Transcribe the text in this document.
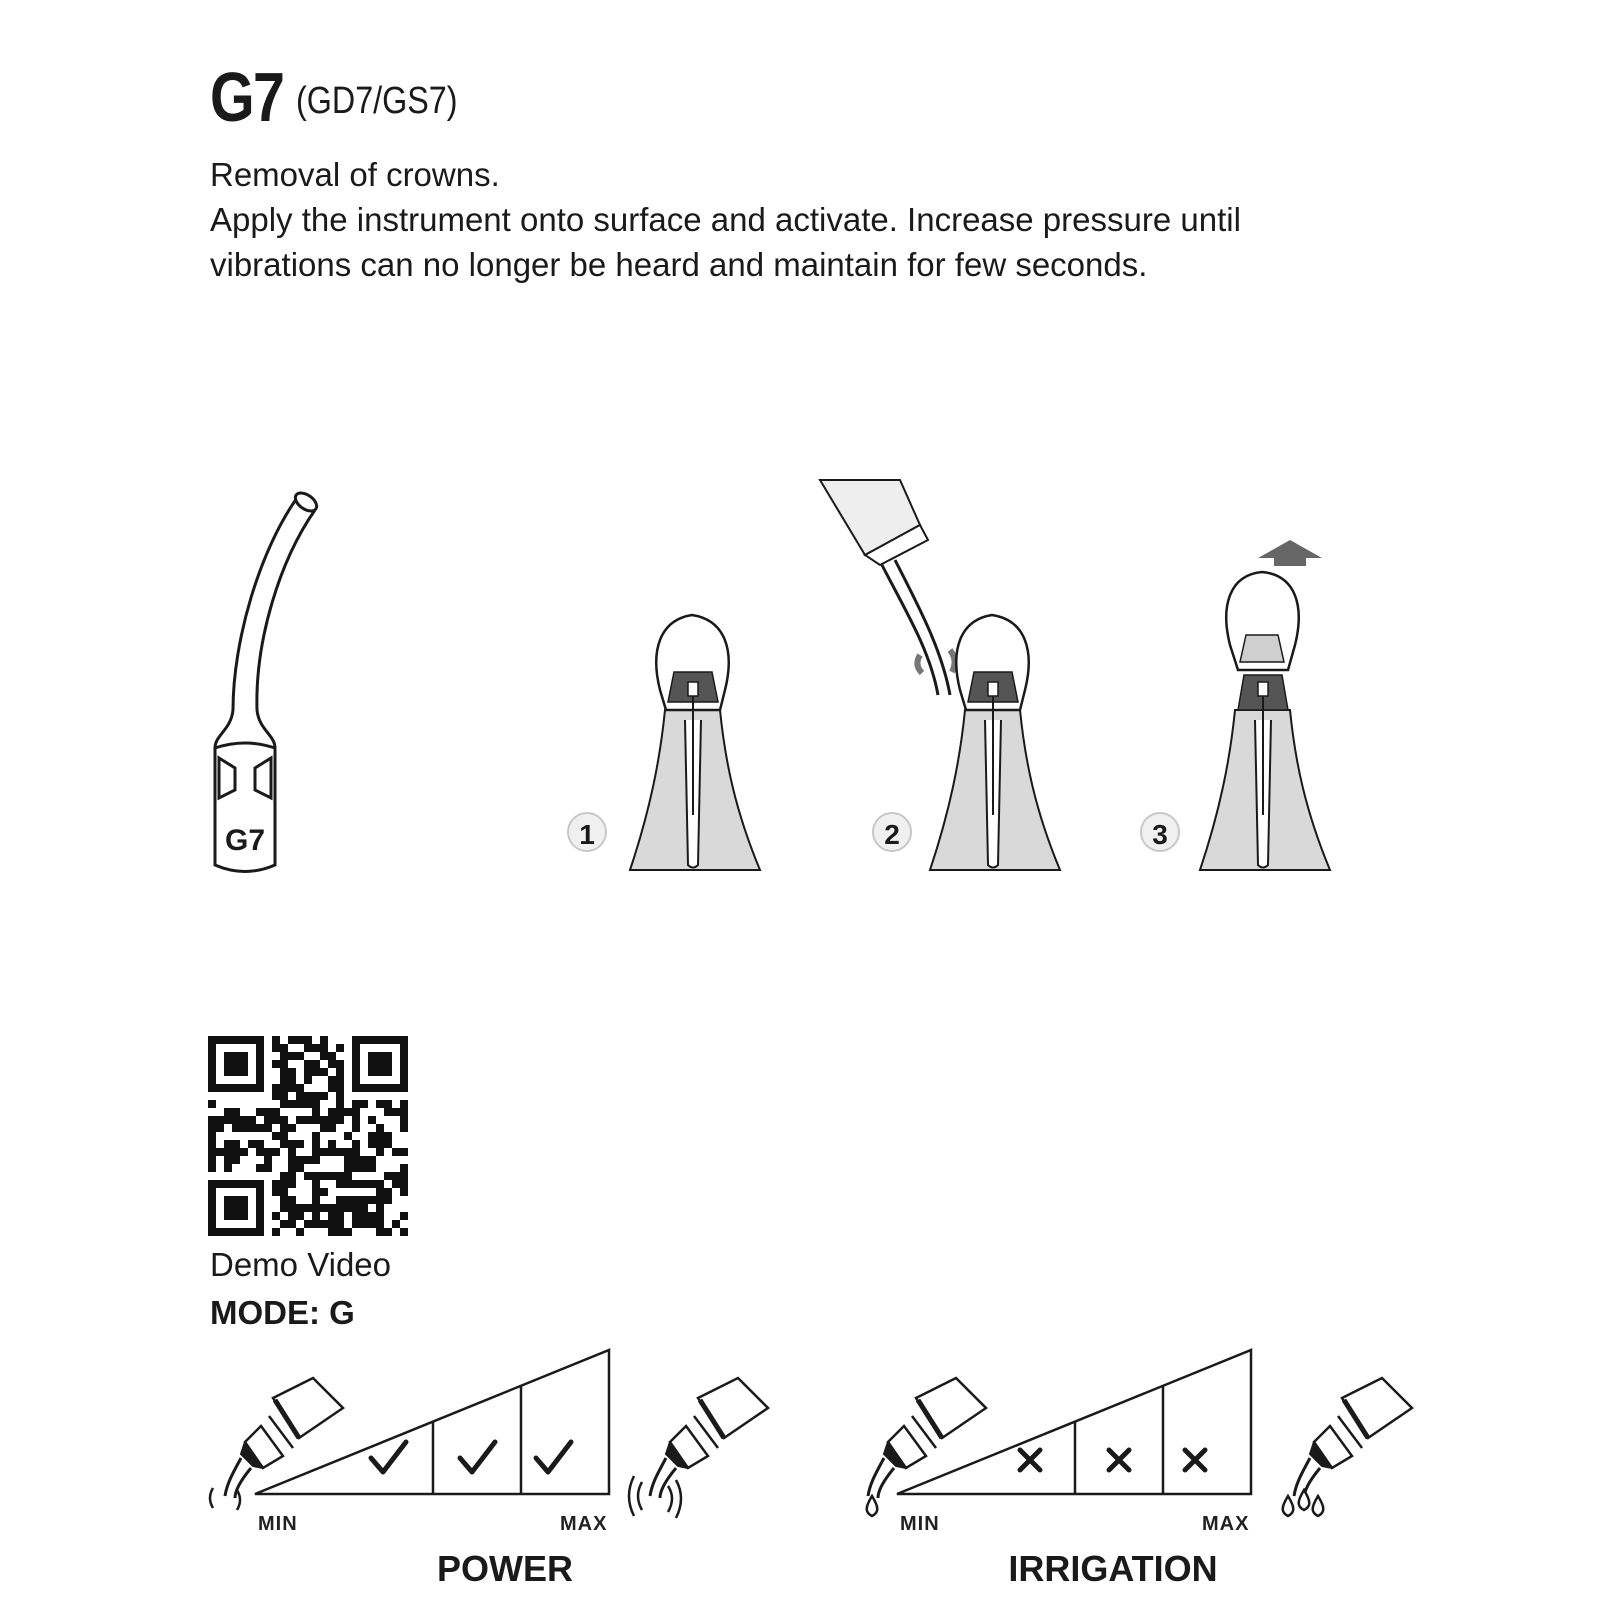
G7 (GD7/GS7)
Removal of crowns.
Apply the instrument onto surface and activate. Increase pressure until
vibrations can no longer be heard and maintain for few seconds.
G7	1	2	3
Demo Video
MODE: G
MIN	MAX
POWER
MIN	MAX
IRRIGATION
